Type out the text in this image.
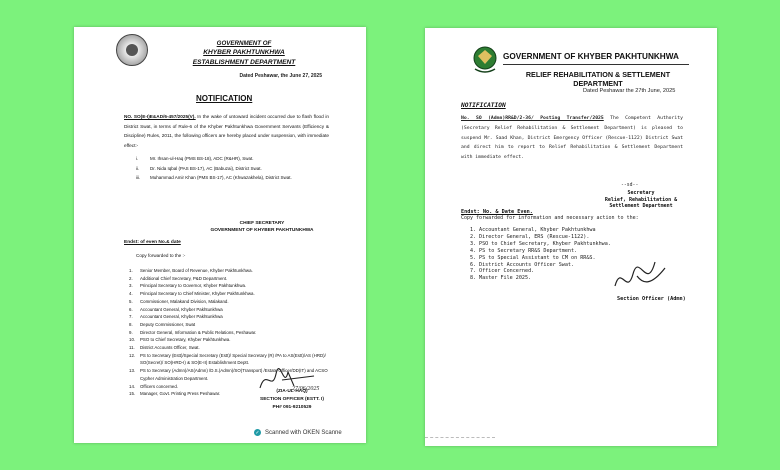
GOVERNMENT OF
KHYBER PAKHTUNKHWA
ESTABLISHMENT DEPARTMENT
Dated Peshawar, the June 27, 2025
NOTIFICATION
NO. SO(E-I)E&AD/6-457/2025(V). In the wake of untoward incident occurred due to flash flood in District Swat, in terms of Rule-6 of the Khyber Pakhtunkhwa Government Servants (Efficiency & Discipline) Rules, 2011, the following officers are hereby placed under suspension, with immediate effect:-
i.	Mr. Ihsan-ul-Haq (PMS BS-18), ADC (R&HR), Swat.
ii. Dr. Nida Iqbal (PAS BS-17), AC (Babuzai), District Swat.
iii. Muhammad Amir Khan (PMS BS-17), AC (Khwazakhela), District Swat.
CHIEF SECRETARY
GOVERNMENT OF KHYBER PAKHTUNKHWA
Endst: of even No.& date
Copy forwarded to the :-
1.	Senior Member, Board of Revenue, Khyber Pakhtunkhwa.
2.	Additional Chief Secretary, P&D Department.
3.	Principal Secretary to Governor, Khyber Pakhtunkhwa.
4.	Principal Secretary to Chief Minister, Khyber Pakhtunkhwa.
5.	Commissioner, Malakand Division, Malakand.
6.	Accountant General, Khyber Pakhtunkhwa
7.	Accountant General, Khyber Pakhtunkhwa
8.	Deputy Commissioner, Swat
9.	Director General, Information & Public Relations, Peshawar.
10.	PSO to Chief Secretary, Khyber Pakhtunkhwa.
11.	District Accounts Officer, Swat.
12.	PS to Secretary (Estt)/Special Secretary (Estt)/ Special Secretary (R) /PA to AS(Estt)/AS (HRD)/ SO(Secret)/ SO(HRD-I) & SO(E-II) Establishment Deptt.
13.	PS to Secretary (Admn)/AS(Admn) /D.S.(Admn)/SO(Transport) /Estate Officer/DD(IT) and ACSO Cypher Administration Department.
14.	Officers concerned.
15.	Manager, Govt. Printing Press Peshawar.
27/06/2025
(ZIA-UL-HAQ)
SECTION OFFICER (ESTT. I)
PH# 091-9210529
✓ Scanned with OKEN Scanne
GOVERNMENT OF KHYBER PAKHTUNKHWA
RELIEF REHABILITATION & SETTLEMENT
DEPARTMENT
Dated Peshawar the 27th June, 2025
NOTIFICATION
No. SO (Admn)RR&D/2-36/ Posting Transfer/2025 The Competent Authority (Secretary Relief Rehabilitation & Settlement Department) is pleased to suspend Mr. Saad Khan, District Emergency Officer (Rescue-1122) District Swat and direct him to report to Relief Rehabilitation & Settlement Department with immediate effect.
--sd--
Secretary
Relief, Rehabilitation &
Settlement Department
Endst: No. & Date Even.
Copy forwarded for information and necessary action to the:
1. Accountant General, Khyber Pakhtunkhwa
2. Director General, ERS (Rescue-1122).
3. PSO to Chief Secretary, Khyber Pakhtunkhwa.
4. PS to Secretary RR&S Department.
5. PS to Special Assistant to CM on RR&S.
6. District Accounts Officer Swat.
7. Officer Concerned.
8. Master File 2025.
Section Officer (Admn)
